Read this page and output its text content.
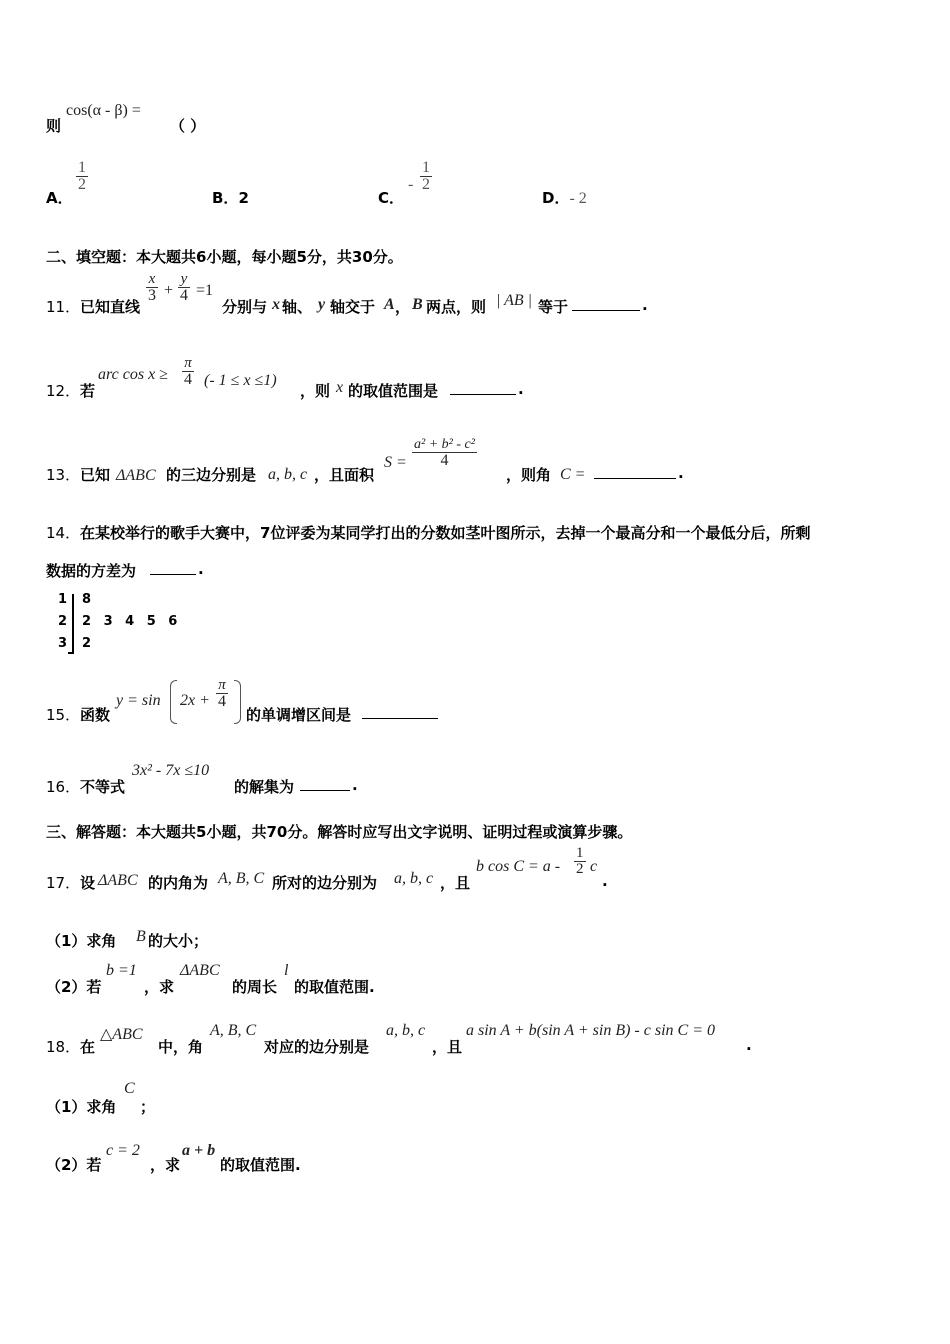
则
cos(α - β) =
（ ）
A．
$\frac{1}{2}$
B．2	C．
- $\frac{1}{2}$
D．- 2
二、填空题：本大题共6小题，每小题5分，共30分。
11． 已知直线
$\frac{x}{3} + \frac{y}{4} =1$
分别与 x 轴、 y 轴交于 A ， B 两点，则 | AB | 等于	.
12． 若
arc $\cos x \ge \frac{\pi}{4}$ (- 1 ≤ x ≤1)
，则 x 的取值范围是	.
13． 已知 ΔABC 的三边分别是 a, b, c ，且面积
$S = \frac{\text{a² + b² - c²}}{4}$
，则角 C =	.
14． 在某校举行的歌手大赛中，7位评委为某同学打出的分数如茎叶图所示，去掉一个最高分和一个最低分后，所剩
数据的方差为	.
1 8
2 2 3 4 5 6
3 2
15． 函数
$y = \sin 2x + \frac{\pi}{4}$
的单调增区间是
16． 不等式
3x² - 7x ≤10
的解集为	.
三、解答题：本大题共5小题，共70分。解答时应写出文字说明、证明过程或演算步骤。
17． 设 ΔABC 的内角为 A, B, C 所对的边分别为 a, b, c ，且
b $\cos C = a - \frac{1}{2}$ c
.
（1）求角 B 的大小；
（2）若
b =1
，求
ΔABC
的周长
l
的取值范围.
18． 在
△ABC
中，角
A, B, C
对应的边分别是
a, b, c
，且
a sin A + b(sin A + sin B) - c sin C = 0
.
（1）求角
C
；
（2）若
c = 2
，求
a + b
的取值范围.
